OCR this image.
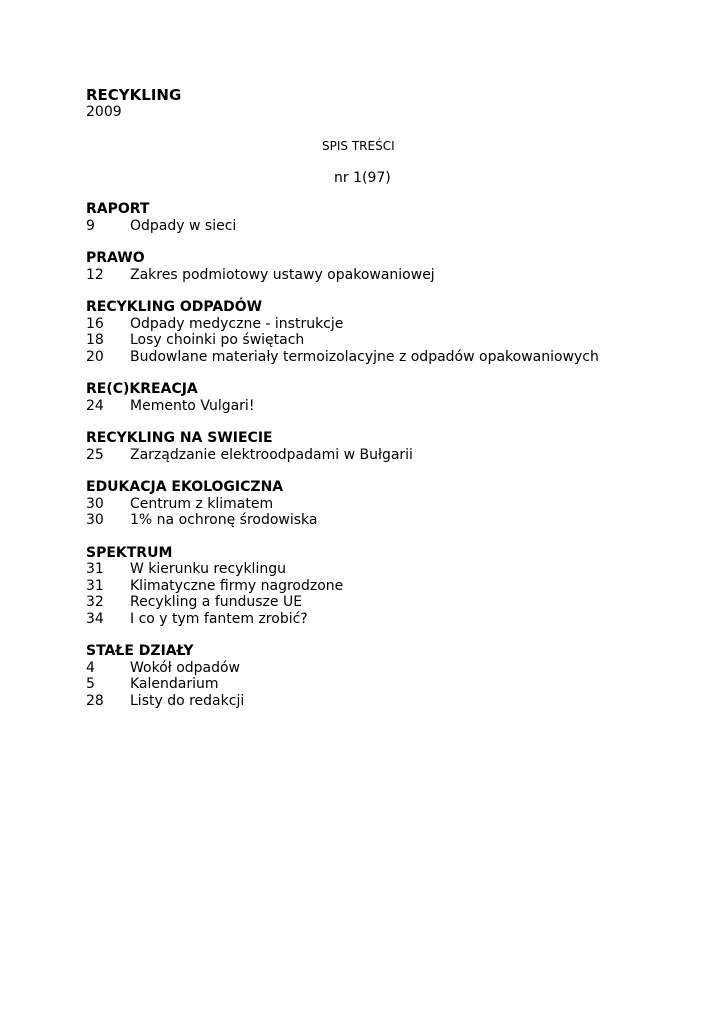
RECYKLING
2009
SPIS TREŚCI
nr 1(97)
RAPORT
9	Odpady w sieci
PRAWO
12	Zakres podmiotowy ustawy opakowaniowej
RECYKLING ODPADÓW
16	Odpady medyczne - instrukcje
18	Losy choinki po świętach
20	Budowlane materiały termoizolacyjne z odpadów opakowaniowych
RE(C)KREACJA
24	Memento Vulgari!
RECYKLING NA SWIECIE
25	Zarządzanie elektroodpadami w Bułgarii
EDUKACJA EKOLOGICZNA
30	Centrum z klimatem
30	1% na ochronę środowiska
SPEKTRUM
31	W kierunku recyklingu
31	Klimatyczne firmy nagrodzone
32	Recykling a fundusze UE
34	I co y tym fantem zrobić?
STAŁE DZIAŁY
4	Wokół odpadów
5	Kalendarium
28	Listy do redakcji
